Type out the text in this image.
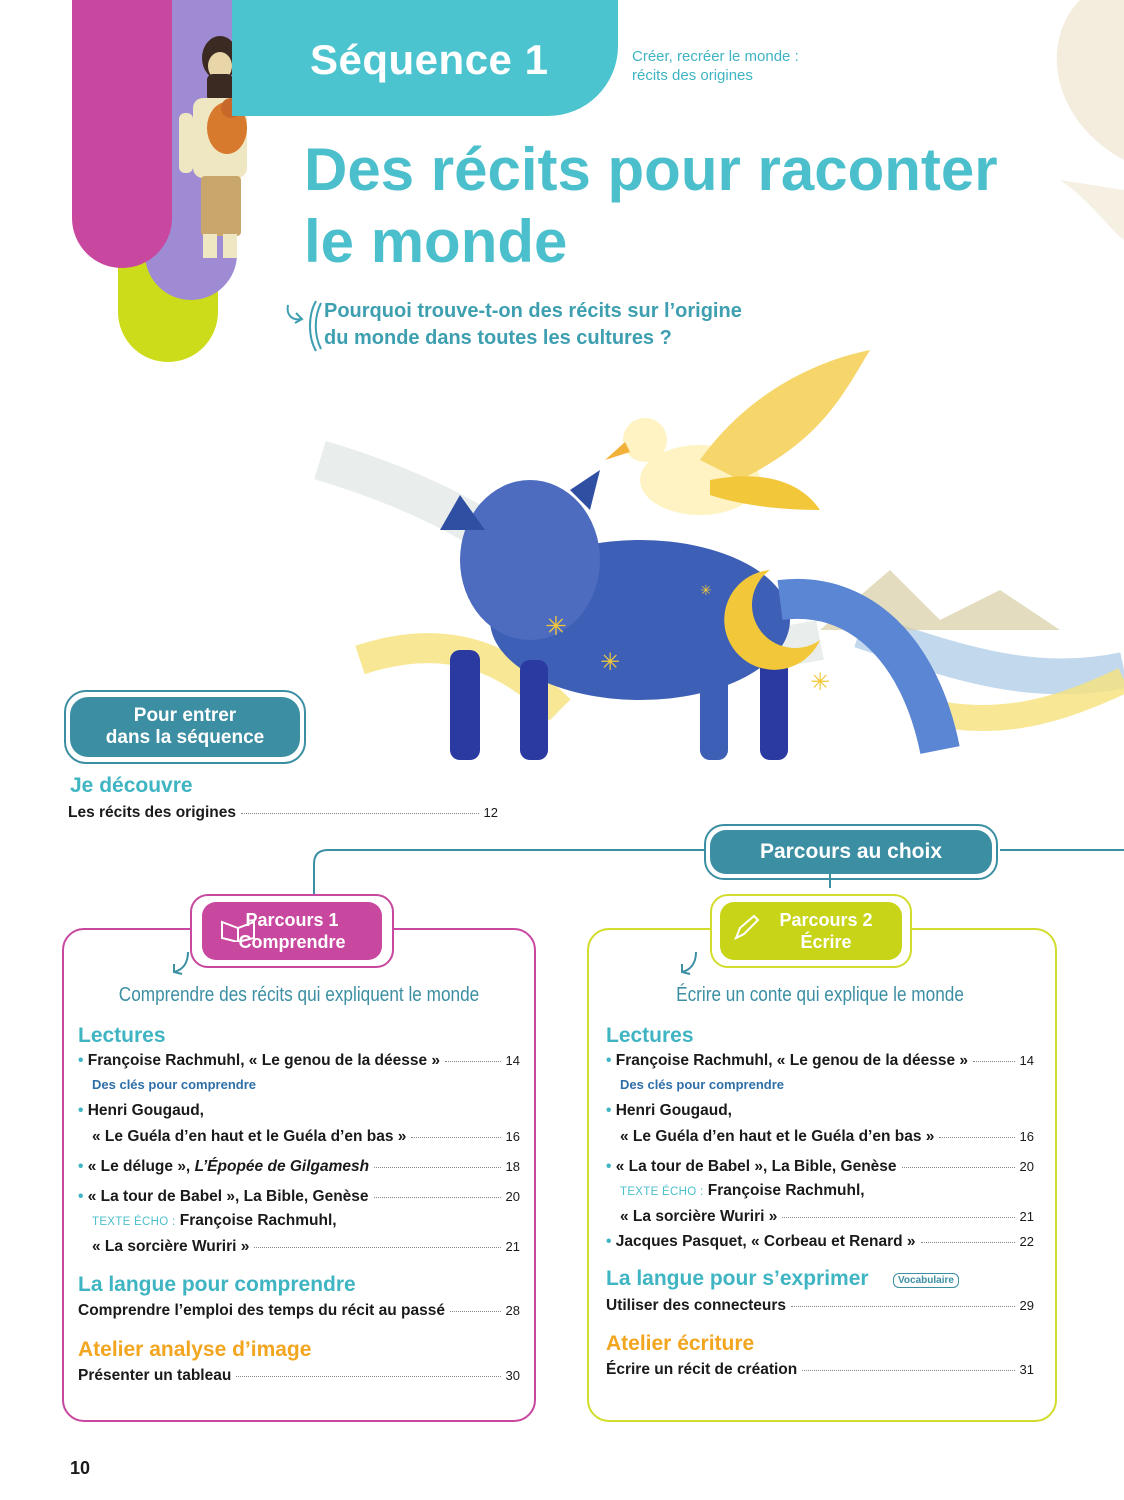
Séquence 1	Créer, recréer le monde :
récits des origines
Des récits pour raconter
le monde
Pourquoi trouve-t-on des récits sur l’origine
du monde dans toutes les cultures ?
✳
✳
✳
✳
Pour entrer
dans la séquence
Je découvre
Les récits des origines	12
Parcours au choix
Parcours 1
Comprendre
Comprendre des récits qui expliquent le monde
Lectures
• Françoise Rachmuhl, « Le genou de la déesse »	14
Des clés pour comprendre
• Henri Gougaud,
« Le Guéla d’en haut et le Guéla d’en bas »	16
• « Le déluge »,
L’Épopée de Gilgamesh	18
• « La tour de Babel », La Bible, Genèse	20
TEXTE ÉCHO :
Françoise Rachmuhl,
« La sorcière Wuriri »	21
La langue pour comprendre
Comprendre l’emploi des temps du récit au passé	28
Atelier analyse d’image
Présenter un tableau	30
Parcours 2
Écrire
Écrire un conte qui explique le monde
Lectures
• Françoise Rachmuhl, « Le genou de la déesse »	14
Des clés pour comprendre
• Henri Gougaud,
« Le Guéla d’en haut et le Guéla d’en bas »	16
• « La tour de Babel », La Bible, Genèse	20
TEXTE ÉCHO :
Françoise Rachmuhl,
« La sorcière Wuriri »	21
• Jacques Pasquet, « Corbeau et Renard »	22
La langue pour s’exprimer	Vocabulaire
Utiliser des connecteurs	29
Atelier écriture
Écrire un récit de création	31
10
